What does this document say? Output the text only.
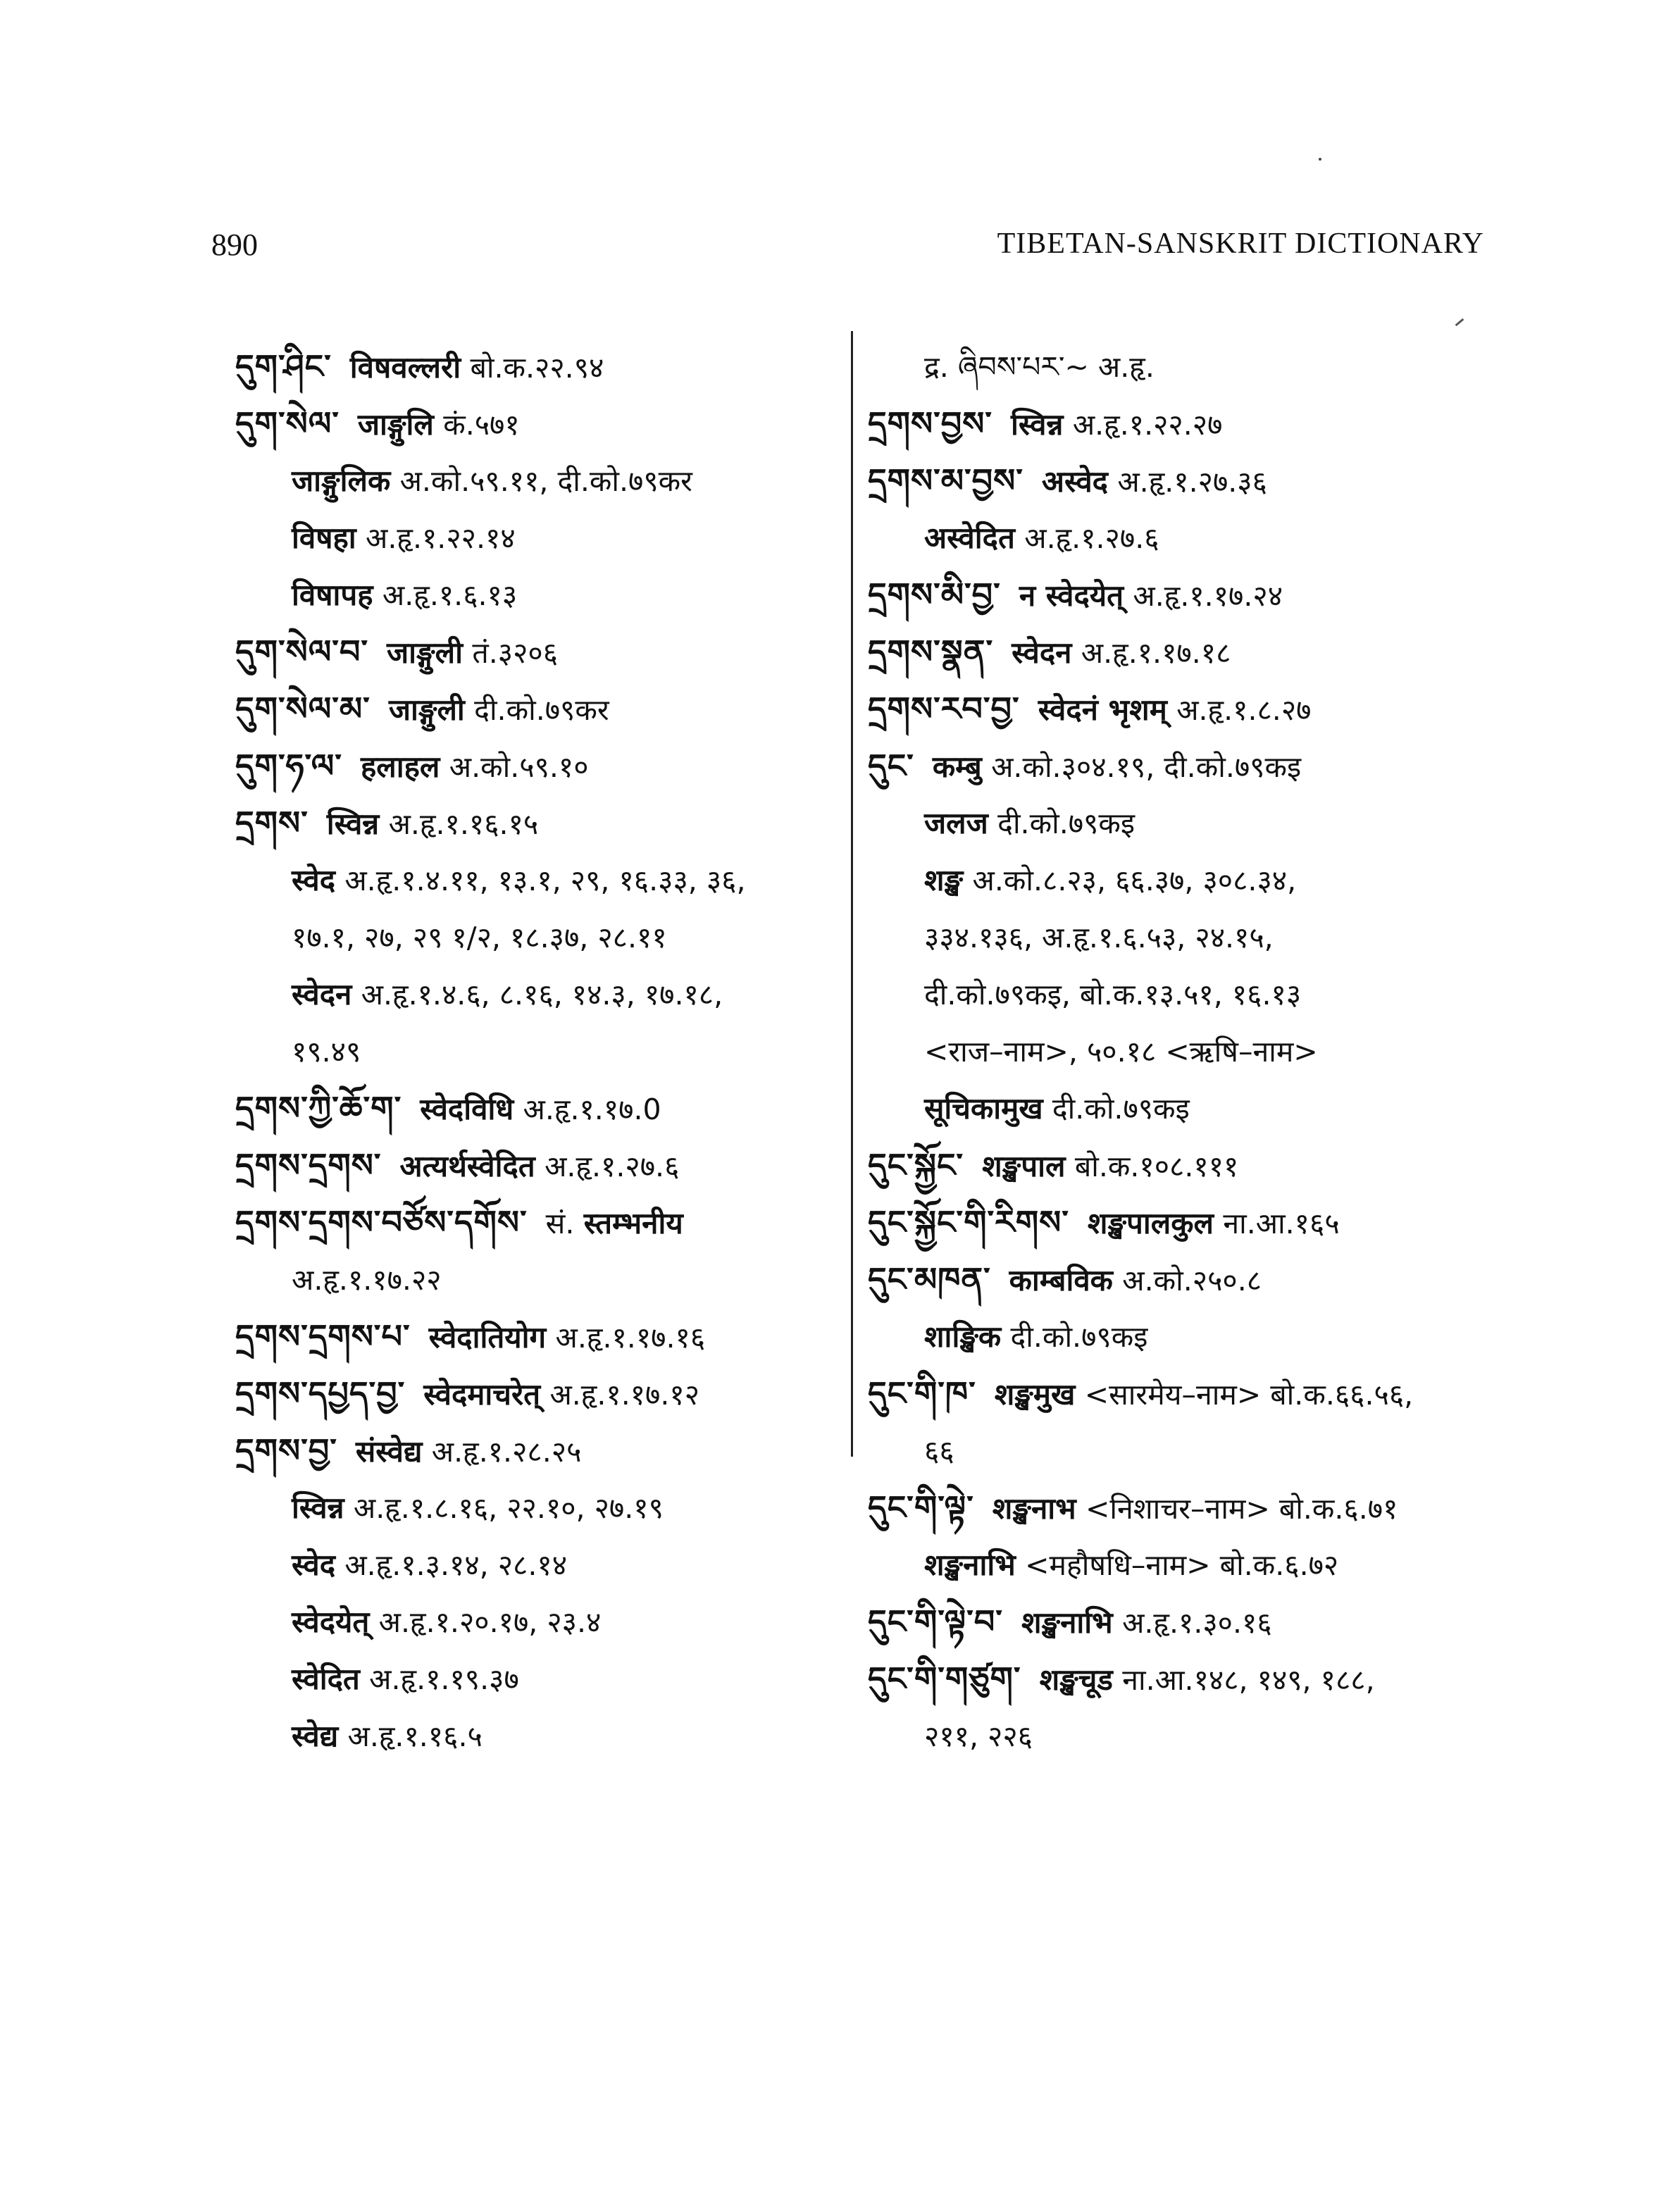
890	TIBETAN-SANSKRIT DICTIONARY
དུག་ཤིང་ विषवल्लरी बो.क.२२.९४
དུག་སེལ་ जाङ्गुलि कं.५७१
जाङ्गुलिक अ.को.५९.११, दी.को.७९कर
विषहा अ.हृ.१.२२.१४
विषापह अ.हृ.१.६.१३
དུག་སེལ་བ་ जाङ्गुली तं.३२०६
དུག་སེལ་མ་ जाङ्गुली दी.को.७९कर
དུག་ཧ་ལ་ हलाहल अ.को.५९.१०
དྲགས་ स्विन्न अ.हृ.१.१६.१५
स्वेद अ.हृ.१.४.११, १३.१, २९, १६.३३, ३६,
१७.१, २७, २९ १/२, १८.३७, २८.११
स्वेदन अ.हृ.१.४.६, ८.१६, १४.३, १७.१८,
१९.४९
དྲགས་ཀྱི་ཆོ་ག་ स्वेदविधि अ.हृ.१.१७.0
དྲགས་དྲགས་ अत्यर्थस्वेदित अ.हृ.१.२७.६
དྲགས་དྲགས་བཙོས་དགོས་ सं. स्तम्भनीय
अ.हृ.१.१७.२२
དྲགས་དྲགས་པ་ स्वेदातियोग अ.हृ.१.१७.१६
དྲགས་དཔྱད་བྱ་ स्वेदमाचरेत् अ.हृ.१.१७.१२
དྲགས་བྱ་ संस्वेद्य अ.हृ.१.२८.२५
स्विन्न अ.हृ.१.८.१६, २२.१०, २७.१९
स्वेद अ.हृ.१.३.१४, २८.१४
स्वेदयेत् अ.हृ.१.२०.१७, २३.४
स्वेदित अ.हृ.१.१९.३७
स्वेद्य अ.हृ.१.१६.५
द्र. ཞིབས་པར་~ अ.हृ.
དྲགས་བྱས་ स्विन्न अ.हृ.१.२२.२७
དྲགས་མ་བྱས་ अस्वेद अ.हृ.१.२७.३६
अस्वेदित अ.हृ.१.२७.६
དྲགས་མི་བྱ་ न स्वेदयेत् अ.हृ.१.१७.२४
དྲགས་སྣན་ स्वेदन अ.हृ.१.१७.१८
དྲགས་རབ་བྱ་ स्वेदनं भृशम् अ.हृ.१.८.२७
དུང་ कम्बु अ.को.३०४.१९, दी.को.७९कइ
जलज दी.को.७९कइ
शङ्ख अ.को.८.२३, ६६.३७, ३०८.३४,
३३४.१३६, अ.हृ.१.६.५३, २४.१५,
दी.को.७९कइ, बो.क.१३.५१, १६.१३
<राज–नाम>, ५०.१८ <ऋषि–नाम>
सूचिकामुख दी.को.७९कइ
དུང་སྐྱོང་ शङ्खपाल बो.क.१०८.१११
དུང་སྐྱོང་གི་རིགས་ शङ्खपालकुल ना.आ.१६५
དུང་མཁན་ काम्बविक अ.को.२५०.८
शाङ्खिक दी.को.७९कइ
དུང་གི་ཁ་ शङ्खमुख <सारमेय–नाम> बो.क.६६.५६,
६६
དུང་གི་ལྟེ་ शङ्खनाभ <निशाचर–नाम> बो.क.६.७१
शङ्खनाभि <महौषधि–नाम> बो.क.६.७२
དུང་གི་ལྟེ་བ་ शङ्खनाभि अ.हृ.१.३०.१६
དུང་གི་གཙུག་ शङ्खचूड ना.आ.१४८, १४९, १८८,
२११, २२६
